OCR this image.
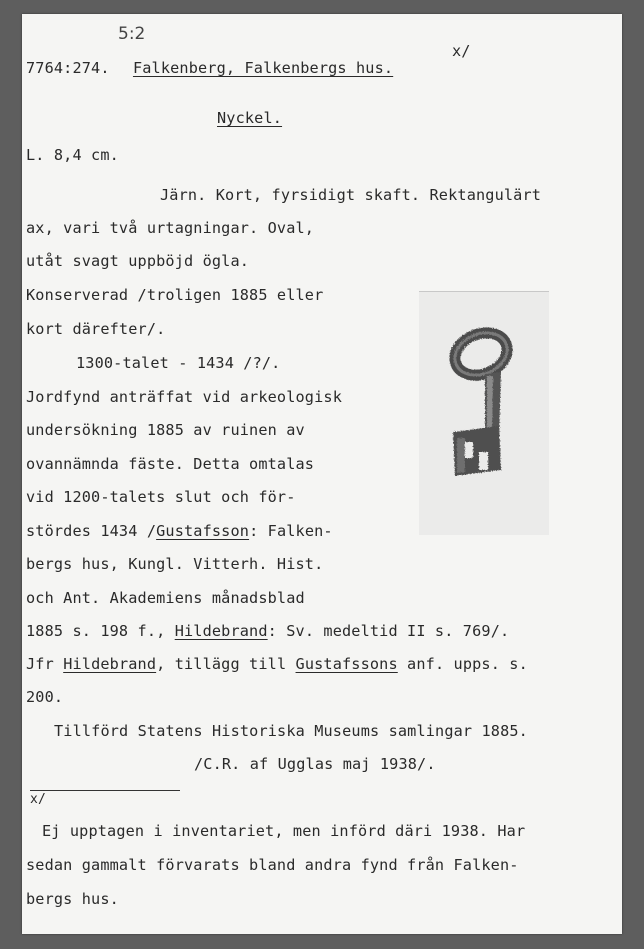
5:2
x/
7764:274. Falkenberg, Falkenbergs hus.
Nyckel.
L. 8,4 cm.
Järn. Kort, fyrsidigt skaft. Rektangulärt
ax, vari två urtagningar. Oval,
utåt svagt uppböjd ögla.
Konserverad /troligen 1885 eller
kort därefter/.
1300-talet - 1434 /?/.
Jordfynd anträffat vid arkeologisk
undersökning 1885 av ruinen av
ovannämnda fäste. Detta omtalas
vid 1200-talets slut och för-
stördes 1434 /Gustafsson: Falken-
bergs hus, Kungl. Vitterh. Hist.
och Ant. Akademiens månadsblad
1885 s. 198 f., Hildebrand: Sv. medeltid II s. 769/.
Jfr Hildebrand, tillägg till Gustafssons anf. upps. s.
200.
Tillförd Statens Historiska Museums samlingar 1885.
/C.R. af Ugglas maj 1938/.
x/
Ej upptagen i inventariet, men införd däri 1938. Har
sedan gammalt förvarats bland andra fynd från Falken-
bergs hus.
